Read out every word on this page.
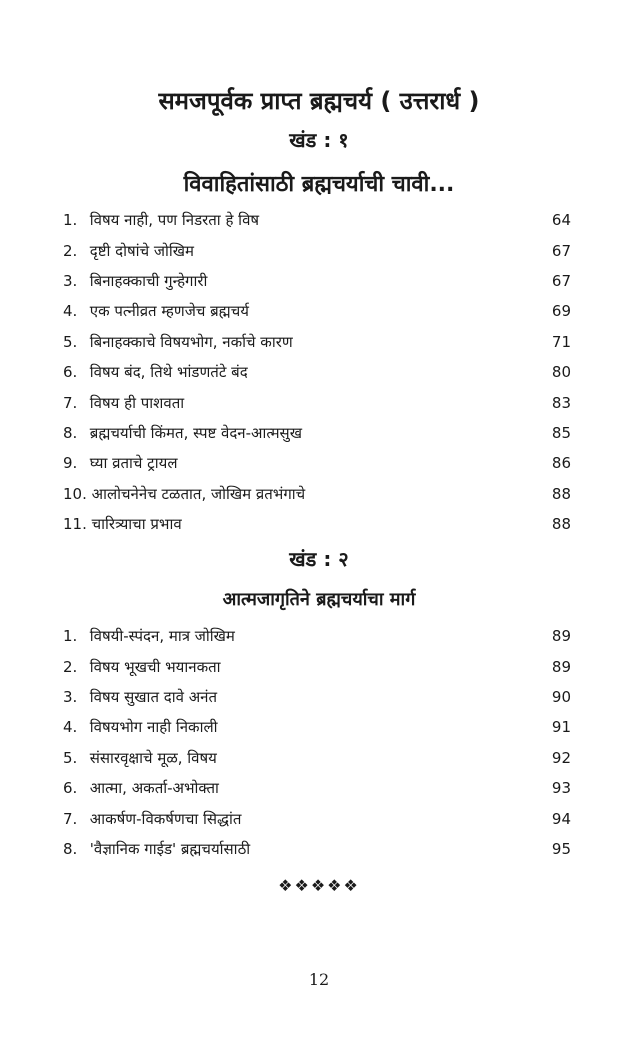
समजपूर्वक प्राप्त ब्रह्मचर्य ( उत्तरार्ध )
खंड : १
विवाहितांसाठी ब्रह्मचर्याची चावी...
1. विषय नाही, पण निडरता हे विष	64
2. दृष्टी दोषांचे जोखिम	67
3. बिनाहक्काची गुन्हेगारी	67
4. एक पत्नीव्रत म्हणजेच ब्रह्मचर्य	69
5. बिनाहक्काचे विषयभोग, नर्काचे कारण	71
6. विषय बंद, तिथे भांडणतंटे बंद	80
7. विषय ही पाशवता	83
8. ब्रह्मचर्याची किंमत, स्पष्ट वेदन-आत्मसुख	85
9. घ्या व्रताचे ट्रायल	86
10. आलोचनेनेच टळतात, जोखिम व्रतभंगाचे	88
11. चारित्र्याचा प्रभाव	88
खंड : २
आत्मजागृतिने ब्रह्मचर्याचा मार्ग
1. विषयी-स्पंदन, मात्र जोखिम	89
2. विषय भूखची भयानकता	89
3. विषय सुखात दावे अनंत	90
4. विषयभोग नाही निकाली	91
5. संसारवृक्षाचे मूळ, विषय	92
6. आत्मा, अकर्ता-अभोक्ता	93
7. आकर्षण-विकर्षणचा सिद्धांत	94
8. 'वैज्ञानिक गाईड' ब्रह्मचर्यासाठी	95
❖❖❖❖❖
12
